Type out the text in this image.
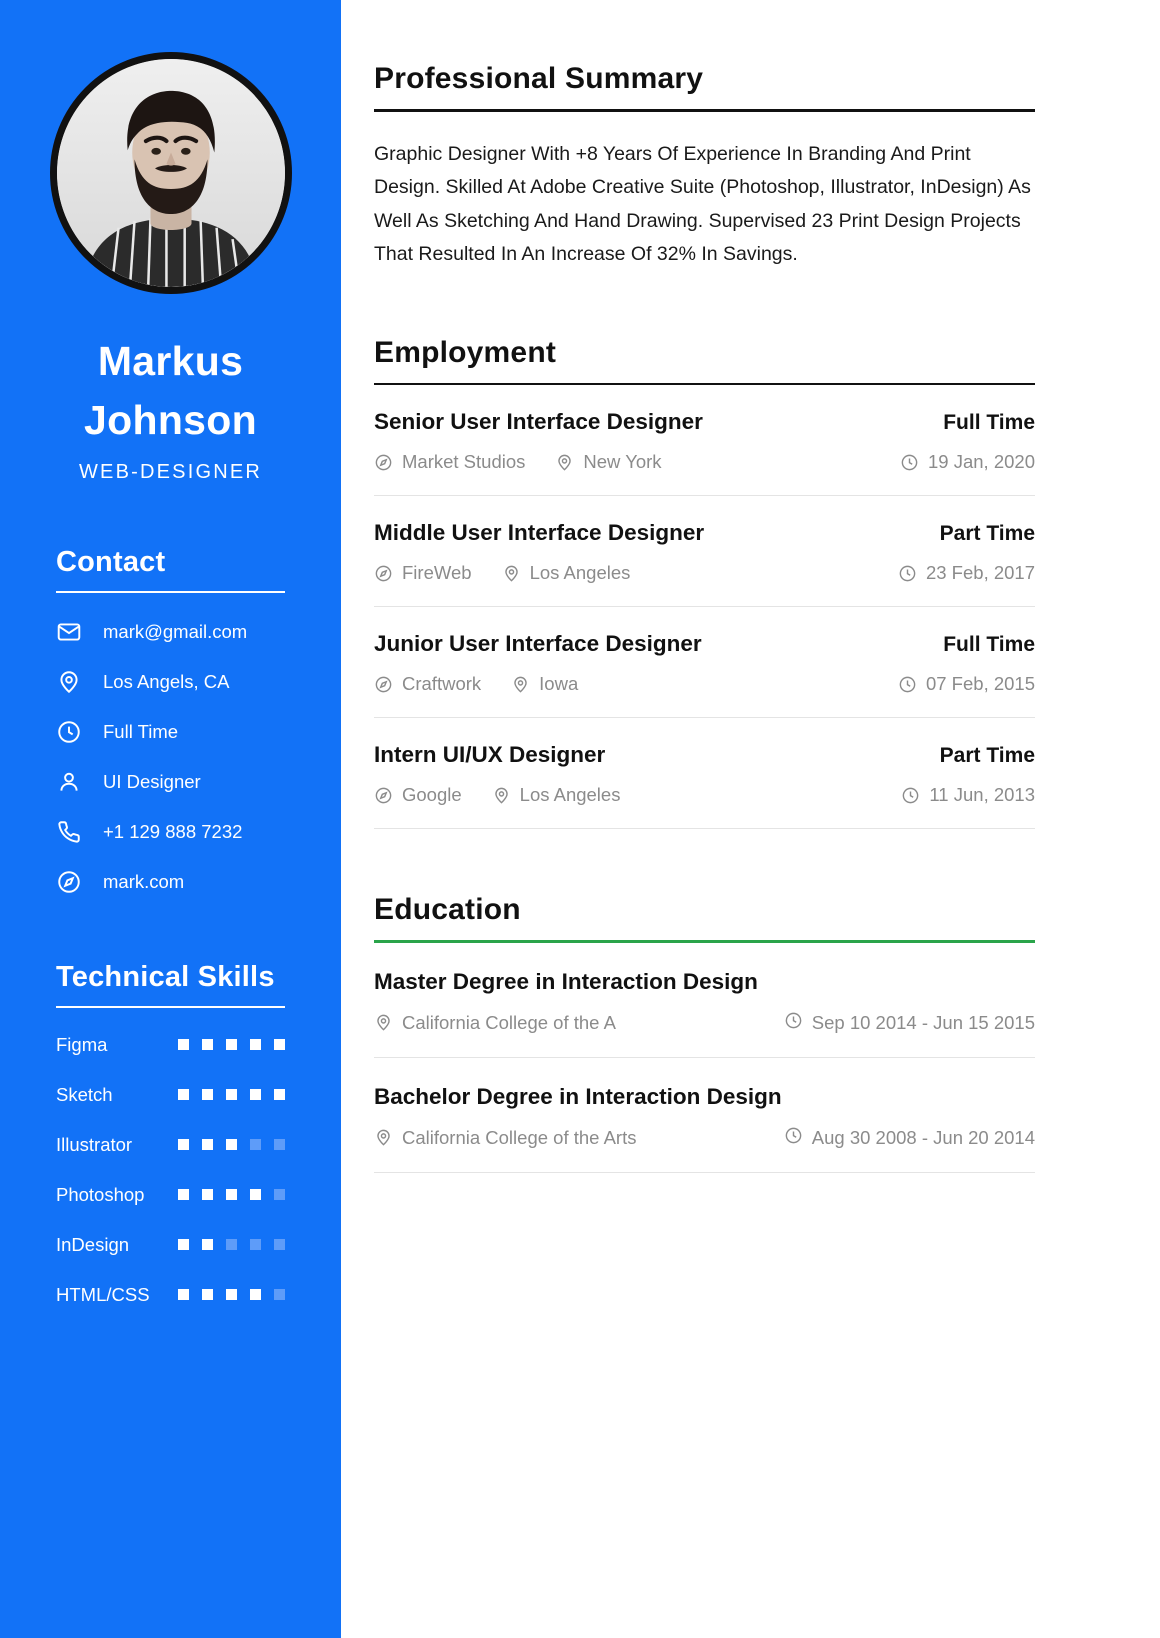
Markus
Johnson
WEB-DESIGNER
Contact
mark@gmail.com
Los Angels, CA
Full Time
UI Designer
+1 129 888 7232
mark.com
Technical Skills
Figma
Sketch
Illustrator
Photoshop
InDesign
HTML/CSS
Professional Summary

Graphic Designer With +8 Years Of Experience In Branding And Print Design. Skilled At Adobe Creative Suite (Photoshop, Illustrator, InDesign) As Well As Sketching And Hand Drawing. Supervised 23 Print Design Projects That Resulted In An Increase Of 32% In Savings.

Employment
Senior User Interface Designer	Full Time
Market Studios	New York	19 Jan, 2020
Middle User Interface Designer	Part Time
FireWeb	Los Angeles	23 Feb, 2017
Junior User Interface Designer	Full Time
Craftwork	Iowa	07 Feb, 2015
Intern UI/UX Designer	Part Time
Google	Los Angeles	11 Jun, 2013
Education
Master Degree in Interaction Design
California College of the A	Sep 10 2014 - Jun 15 2015
Bachelor Degree in Interaction Design
California College of the Arts	Aug 30 2008 - Jun 20 2014
